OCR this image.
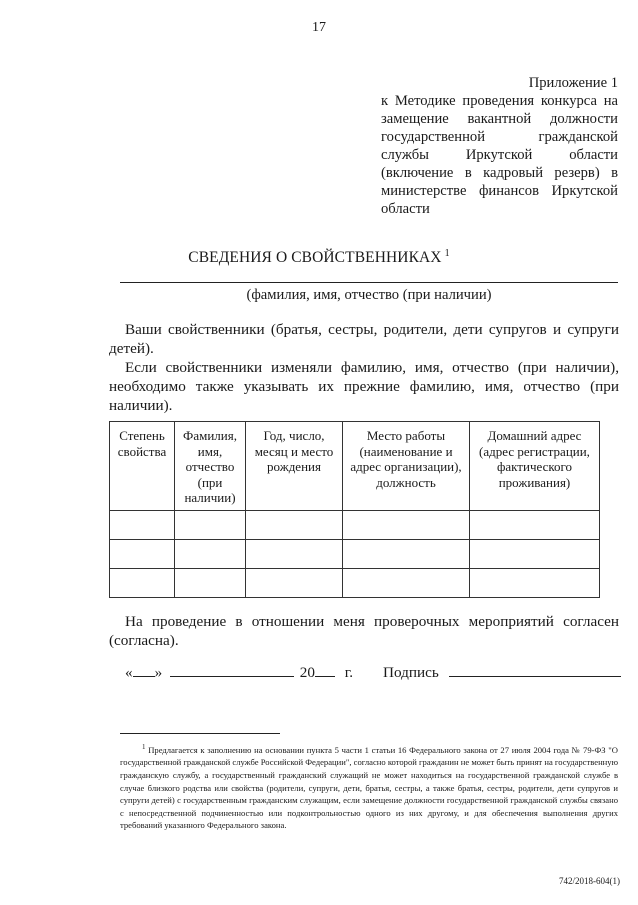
17
Приложение 1
к Методике проведения конкурса на
замещение вакантной должности
государственной гражданской
службы Иркутской области
(включение в кадровый резерв) в
министерстве финансов Иркутской
области
СВЕДЕНИЯ О СВОЙСТВЕННИКАХ $^1$
(фамилия, имя, отчество (при наличии)
Ваши свойственники (братья, сестры, родители, дети супругов и супруги детей).
Если свойственники изменяли фамилию, имя, отчество (при наличии), необходимо также указывать их прежние фамилию, имя, отчество (при наличии).
Степень свойства	Фамилия, имя, отчество (при наличии)	Год, число, месяц и место рождения	Место работы (наименование и адрес организации), должность	Домашний адрес (адрес регистрации, фактического проживания)

На проведение в отношении меня проверочных мероприятий согласен (согласна).
« »	20 г. Подпись
$^1$ Предлагается к заполнению на основании пункта 5 части 1 статьи 16 Федерального закона от 27 июля 2004 года № 79-ФЗ "О государственной гражданской службе Российской Федерации", согласно которой гражданин не может быть принят на государственную гражданскую службу, а государственный гражданский служащий не может находиться на государственной гражданской службе в случае близкого родства или свойства (родители, супруги, дети, братья, сестры, а также братья, сестры, родители, дети супругов и супруги детей) с государственным гражданским служащим, если замещение должности государственной гражданской службы связано с непосредственной подчиненностью или подконтрольностью одного из них другому, и для обеспечения выполнения других требований указанного Федерального закона.
742/2018-604(1)
